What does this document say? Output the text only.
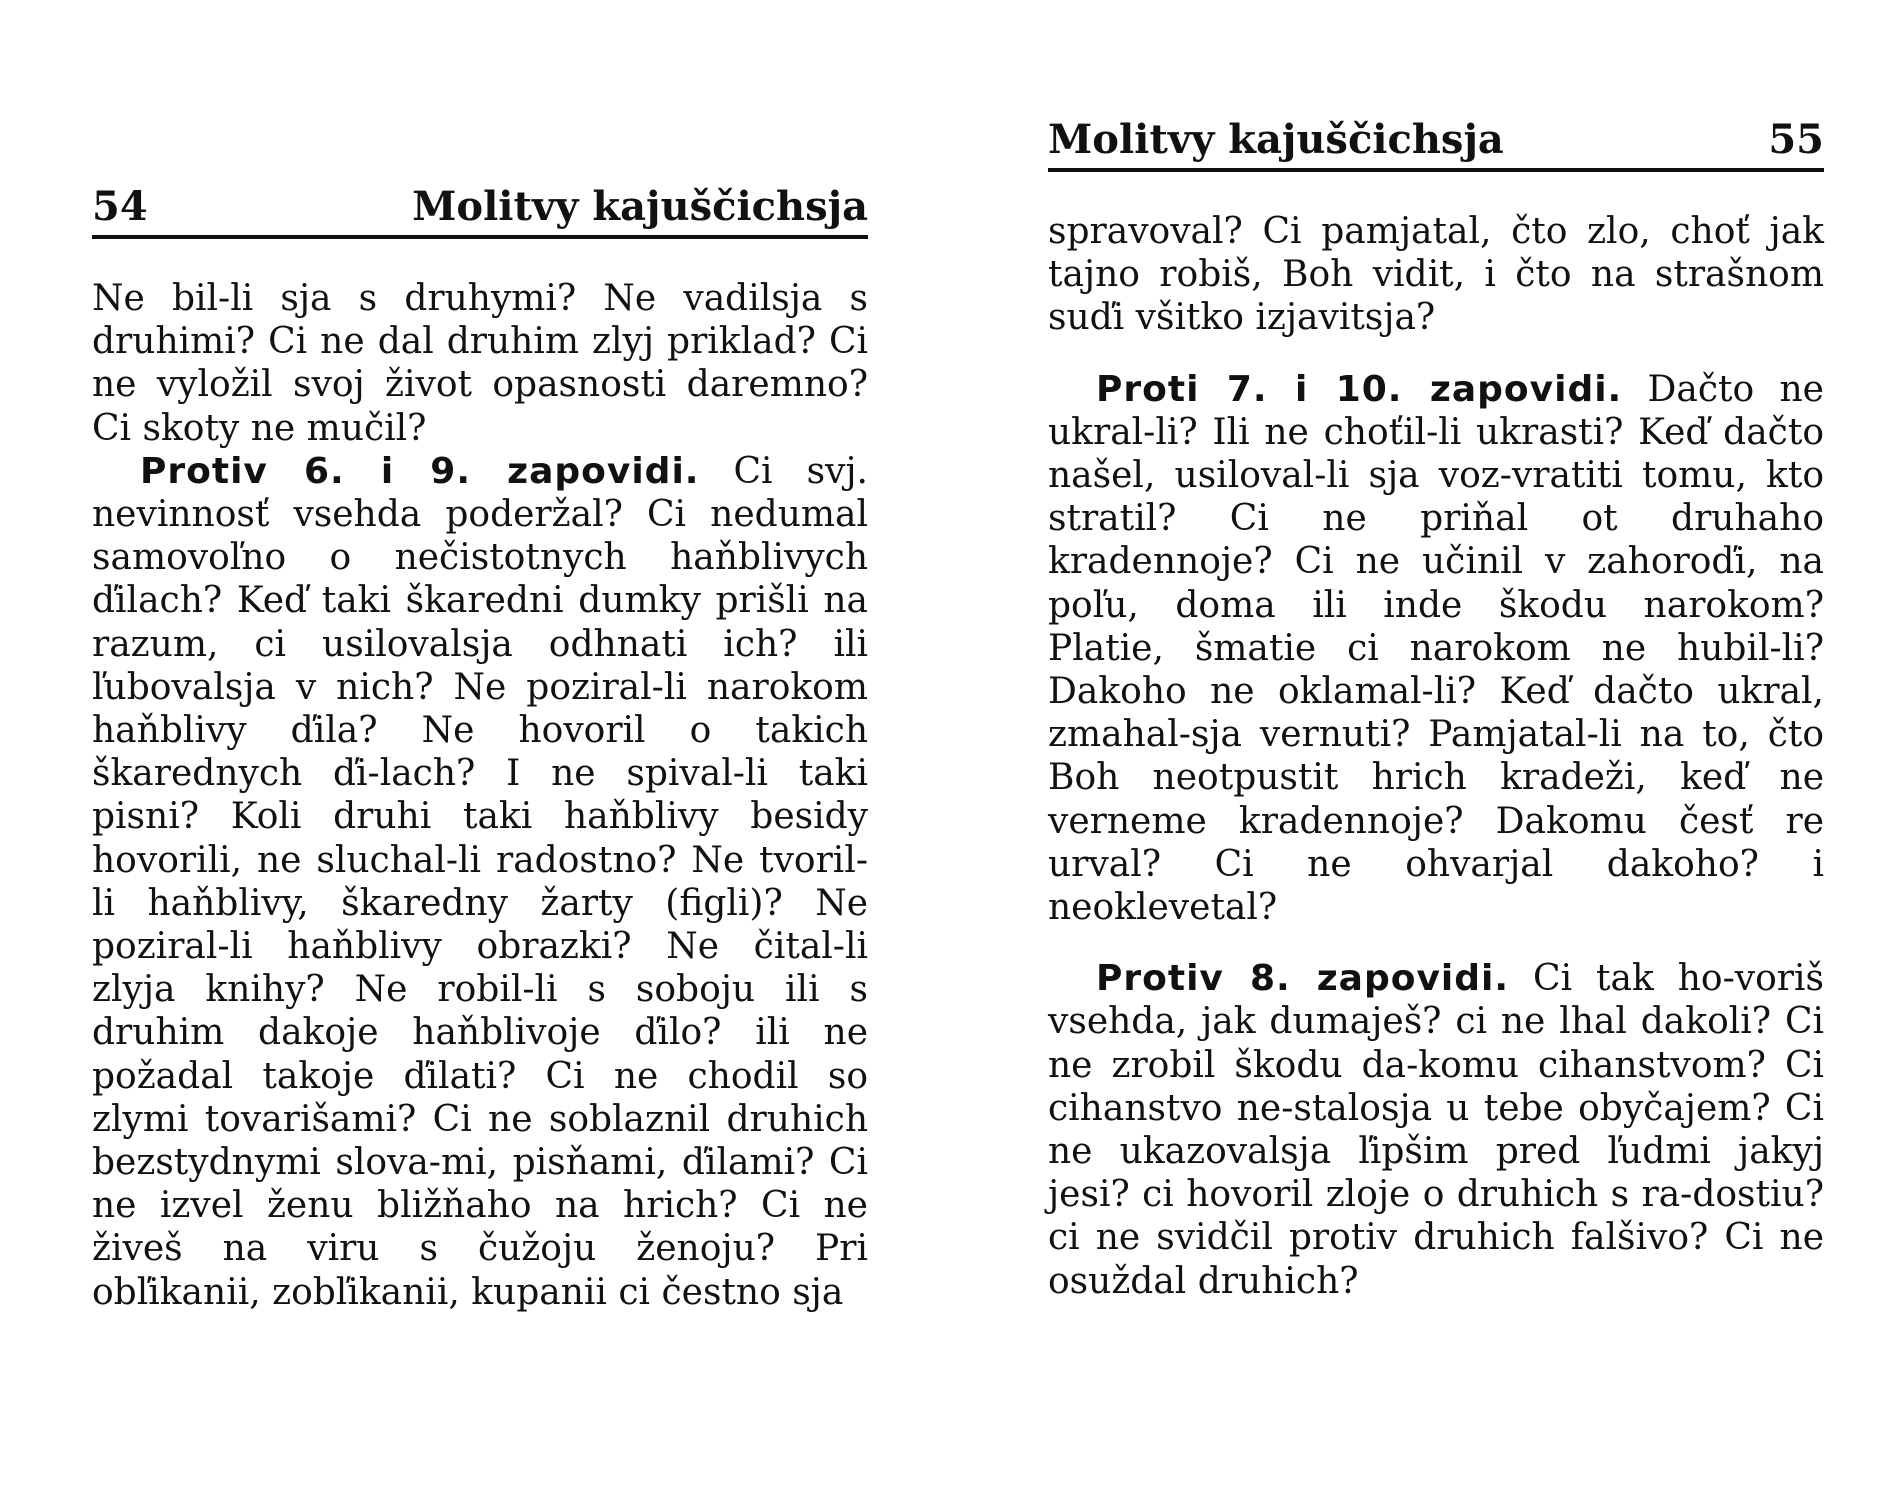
54	Molitvy kajuščichsja

Ne bil-li sja s druhymi? Ne vadilsja s druhimi? Ci ne dal druhim zlyj priklad? Ci ne vyložil svoj život opasnosti daremno? Ci skoty ne mučil?

Protiv 6. i 9. zapovidi. Ci svj. nevinnosť vsehda poderžal? Ci nedumal samovoľno o nečistotnych haňblivych ďilach? Keď taki škaredni dumky prišli na razum, ci usilovalsja odhnati ich? ili ľubovalsja v nich? Ne poziral-li narokom haňblivy ďila? Ne hovoril o takich škarednych ďi-lach? I ne spival-li taki pisni? Koli druhi taki haňblivy besidy hovorili, ne sluchal-li radostno? Ne tvoril-li haňblivy, škaredny žarty (figli)? Ne poziral-li haňblivy obrazki? Ne čital-li zlyja knihy? Ne robil-li s soboju ili s druhim dakoje haňblivoje ďilo? ili ne požadal takoje ďilati? Ci ne chodil so zlymi tovarišami? Ci ne soblaznil druhich bezstydnymi slova-mi, pisňami, ďilami? Ci ne izvel ženu bližňaho na hrich? Ci ne živeš na viru s čužoju ženoju? Pri obľikanii, zobľikanii, kupanii ci čestno sja

Molitvy kajuščichsja	55

spravoval? Ci pamjatal, čto zlo, choť jak tajno robiš, Boh vidit, i čto na strašnom suďi všitko izjavitsja?

Proti 7. i 10. zapovidi. Dačto ne ukral-li? Ili ne choťil-li ukrasti? Keď dačto našel, usiloval-li sja voz-vratiti tomu, kto stratil? Ci ne priňal ot druhaho kradennoje? Ci ne učinil v zahoroďi, na poľu, doma ili inde škodu narokom? Platie, šmatie ci narokom ne hubil-li? Dakoho ne oklamal-li? Keď dačto ukral, zmahal-sja vernuti? Pamjatal-li na to, čto Boh neotpustit hrich kradeži, keď ne verneme kradennoje? Dakomu česť re urval? Ci ne ohvarjal dakoho? i neoklevetal?

Protiv 8. zapovidi. Ci tak ho-voriš vsehda, jak dumaješ? ci ne lhal dakoli? Ci ne zrobil škodu da-komu cihanstvom? Ci cihanstvo ne-stalosja u tebe obyčajem? Ci ne ukazovalsja ľipšim pred ľudmi jakyj jesi? ci hovoril zloje o druhich s ra-dostiu? ci ne svidčil protiv druhich falšivo? Ci ne osuždal druhich?
